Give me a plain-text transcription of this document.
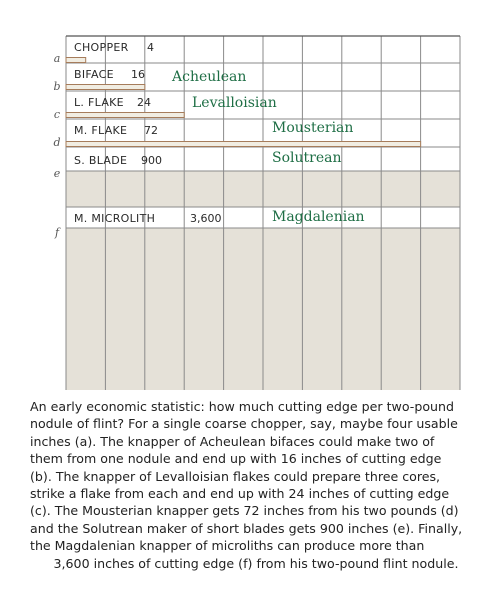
CHOPPER 4
a
BIFACE 16
b
Acheulean
L. FLAKE 24
c
Levalloisian
M. FLAKE 72
d
Mousterian
S. BLADE 900
e
Solutrean
M. MICROLITH	3,600
f
Magdalenian

An early economic statistic: how much cutting edge per two-pound
nodule of flint? For a single coarse chopper, say, maybe four usable
inches (a). The knapper of Acheulean bifaces could make two of
them from one nodule and end up with 16 inches of cutting edge
(b). The knapper of Levalloisian flakes could prepare three cores,
strike a flake from each and end up with 24 inches of cutting edge
(c). The Mousterian knapper gets 72 inches from his two pounds (d)
and the Solutrean maker of short blades gets 900 inches (e). Finally,
the Magdalenian knapper of microliths can produce more than
3,600 inches of cutting edge (f) from his two-pound flint nodule.
